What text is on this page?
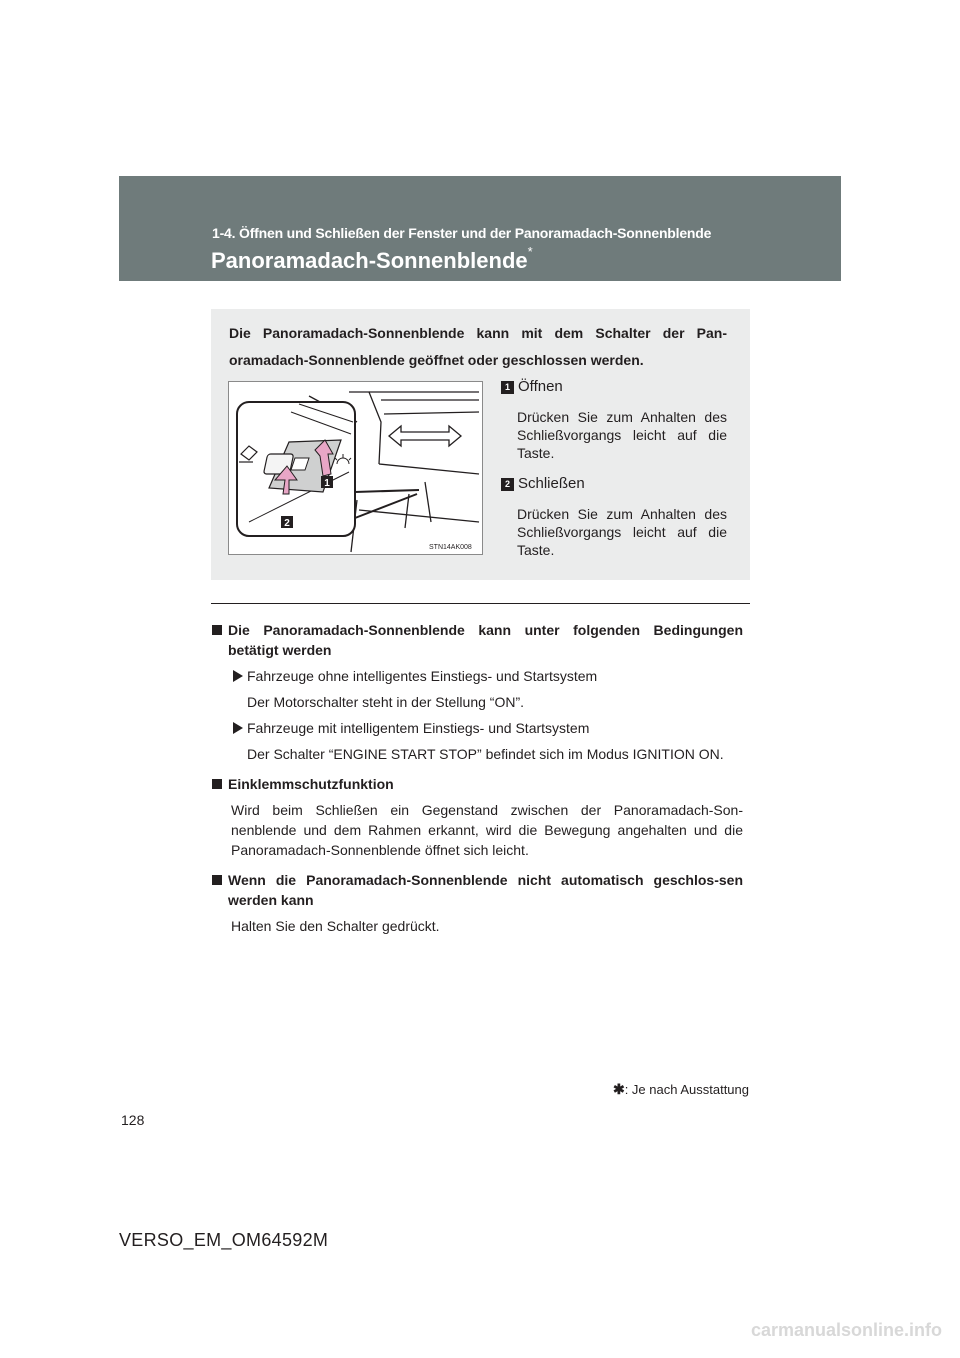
1-4. Öffnen und Schließen der Fenster und der Panoramadach-Sonnenblende
Panoramadach-Sonnenblende*
Die Panoramadach-Sonnenblende kann mit dem Schalter der Pan-oramadach-Sonnenblende geöffnet oder geschlossen werden.
1
2
STN14AK008
1 Öffnen
Drücken Sie zum Anhalten des Schließvorgangs leicht auf die Taste.
2 Schließen
Drücken Sie zum Anhalten des Schließvorgangs leicht auf die Taste.
Die Panoramadach-Sonnenblende kann unter folgenden Bedingungen betätigt werden
Fahrzeuge ohne intelligentes Einstiegs- und Startsystem
Der Motorschalter steht in der Stellung “ON”.
Fahrzeuge mit intelligentem Einstiegs- und Startsystem
Der Schalter “ENGINE START STOP” befindet sich im Modus IGNITION ON.
Einklemmschutzfunktion
Wird beim Schließen ein Gegenstand zwischen der Panoramadach-Son-nenblende und dem Rahmen erkannt, wird die Bewegung angehalten und die Panoramadach-Sonnenblende öffnet sich leicht.
Wenn die Panoramadach-Sonnenblende nicht automatisch geschlos-sen werden kann
Halten Sie den Schalter gedrückt.
✱: Je nach Ausstattung
128
VERSO_EM_OM64592M
carmanualsonline.info
